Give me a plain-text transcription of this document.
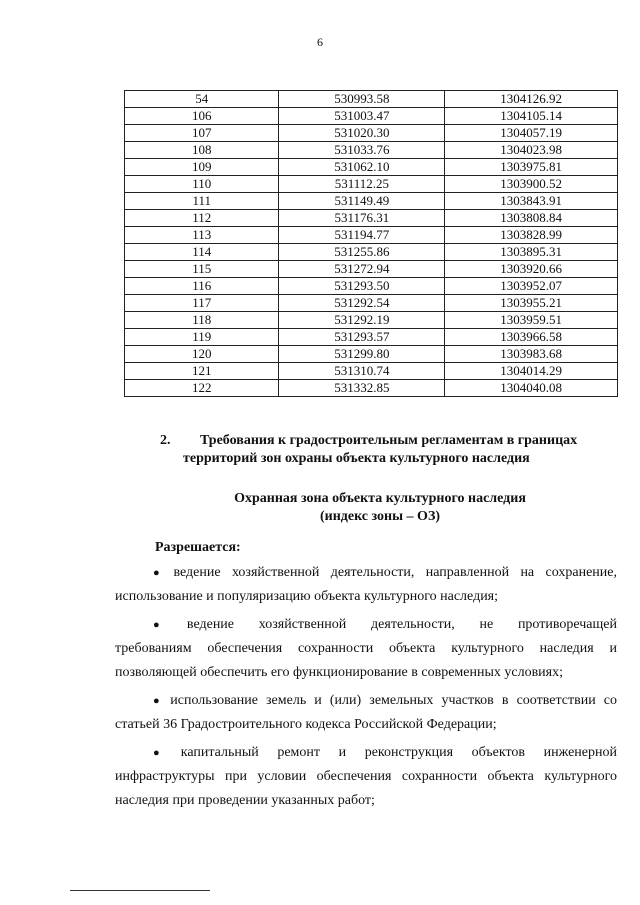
6
54	530993.58	1304126.92
106	531003.47	1304105.14
107	531020.30	1304057.19
108	531033.76	1304023.98
109	531062.10	1303975.81
110	531112.25	1303900.52
111	531149.49	1303843.91
112	531176.31	1303808.84
113	531194.77	1303828.99
114	531255.86	1303895.31
115	531272.94	1303920.66
116	531293.50	1303952.07
117	531292.54	1303955.21
118	531292.19	1303959.51
119	531293.57	1303966.58
120	531299.80	1303983.68
121	531310.74	1304014.29
122	531332.85	1304040.08
2. Требования к градостроительным регламентам в границах
территорий зон охраны объекта культурного наследия
Охранная зона объекта культурного наследия
(индекс зоны – ОЗ)
Разрешается:
● ведение хозяйственной деятельности, направленной на сохранение,
использование и популяризацию объекта культурного наследия;
● ведение хозяйственной деятельности, не противоречащей
требованиям обеспечения сохранности объекта культурного наследия и позволяющей обеспечить его функционирование в современных условиях;
● использование земель и (или) земельных участков в соответствии со
статьей 36 Градостроительного кодекса Российской Федерации;
● капитальный ремонт и реконструкция объектов инженерной
инфраструктуры при условии обеспечения сохранности объекта культурного наследия при проведении указанных работ;
